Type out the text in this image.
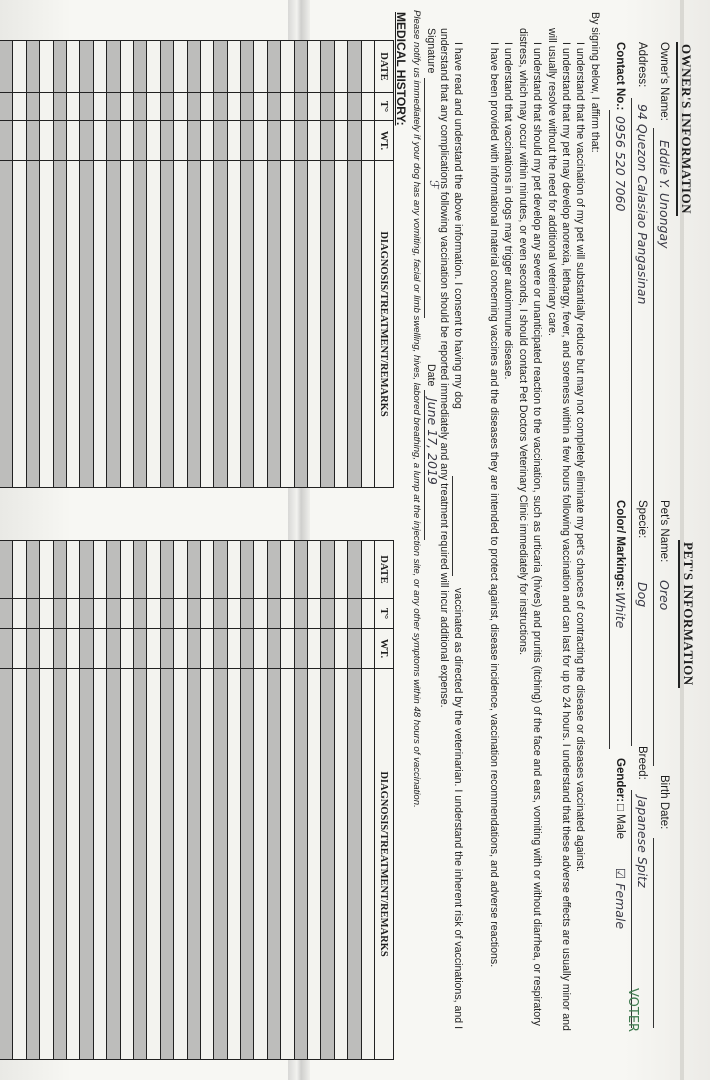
OWNER'S INFORMATION
Owner's Name:
Eddie Y. Unongay
Address:
94 Quezon Calasiao Pangasinan
Contact No.:
0956 520 7060
PET'S INFORMATION
Pet's Name:
Oreo
Birth Date:
Specie:
Dog
Breed:
Japanese Spitz
Color/ Markings:
White
Gender:
□ Male
☑ Female
By signing below, I affirm that:
I understand that the vaccination of my pet will substantially reduce but may not completely eliminate my pet's chances of contracting the disease or diseases vaccinated against.
I understand that my pet may develop anorexia, lethargy, fever, and soreness within a few hours following vaccination and can last for up to 24 hours. I understand that these adverse effects are usually minor and will usually resolve without the need for additional veterinary care.
I understand that should my pet develop any severe or unanticipated reaction to the vaccination, such as urticaria (hives) and pruritis (itching) of the face and ears, vomiting with or without diarrhea, or respiratory distress, which may occur within minutes, or even seconds, I should contact Pet Doctors Veterinary Clinic immediately for instructions.
I understand that vaccinations in dogs may trigger autoimmune disease.
I have been provided with informational material concerning vaccines and the diseases they are intended to protect against, disease incidence, vaccination recommendations, and adverse reactions.
I have read and understand the above information. I consent to having my dog
vaccinated as directed by the veterinarian. I understand the inherent risk of vaccinations, and I understand that any complications following vaccination should be reported immediately and any treatment required will incur additional expense.
Signature
ℱ
Date
June 17, 2019
Please notify us immediately if your dog has any vomiting, facial or limb swelling, hives, labored breathing, a lump at the injection site, or any other symptoms within 48 hours of vaccination.
MEDICAL HISTORY:
DATE	T°	WT.	DIAGNOSIS/TREATMENT/REMARKS

DATE	T°	WT.	DIAGNOSIS/TREATMENT/REMARKS

VOTER
